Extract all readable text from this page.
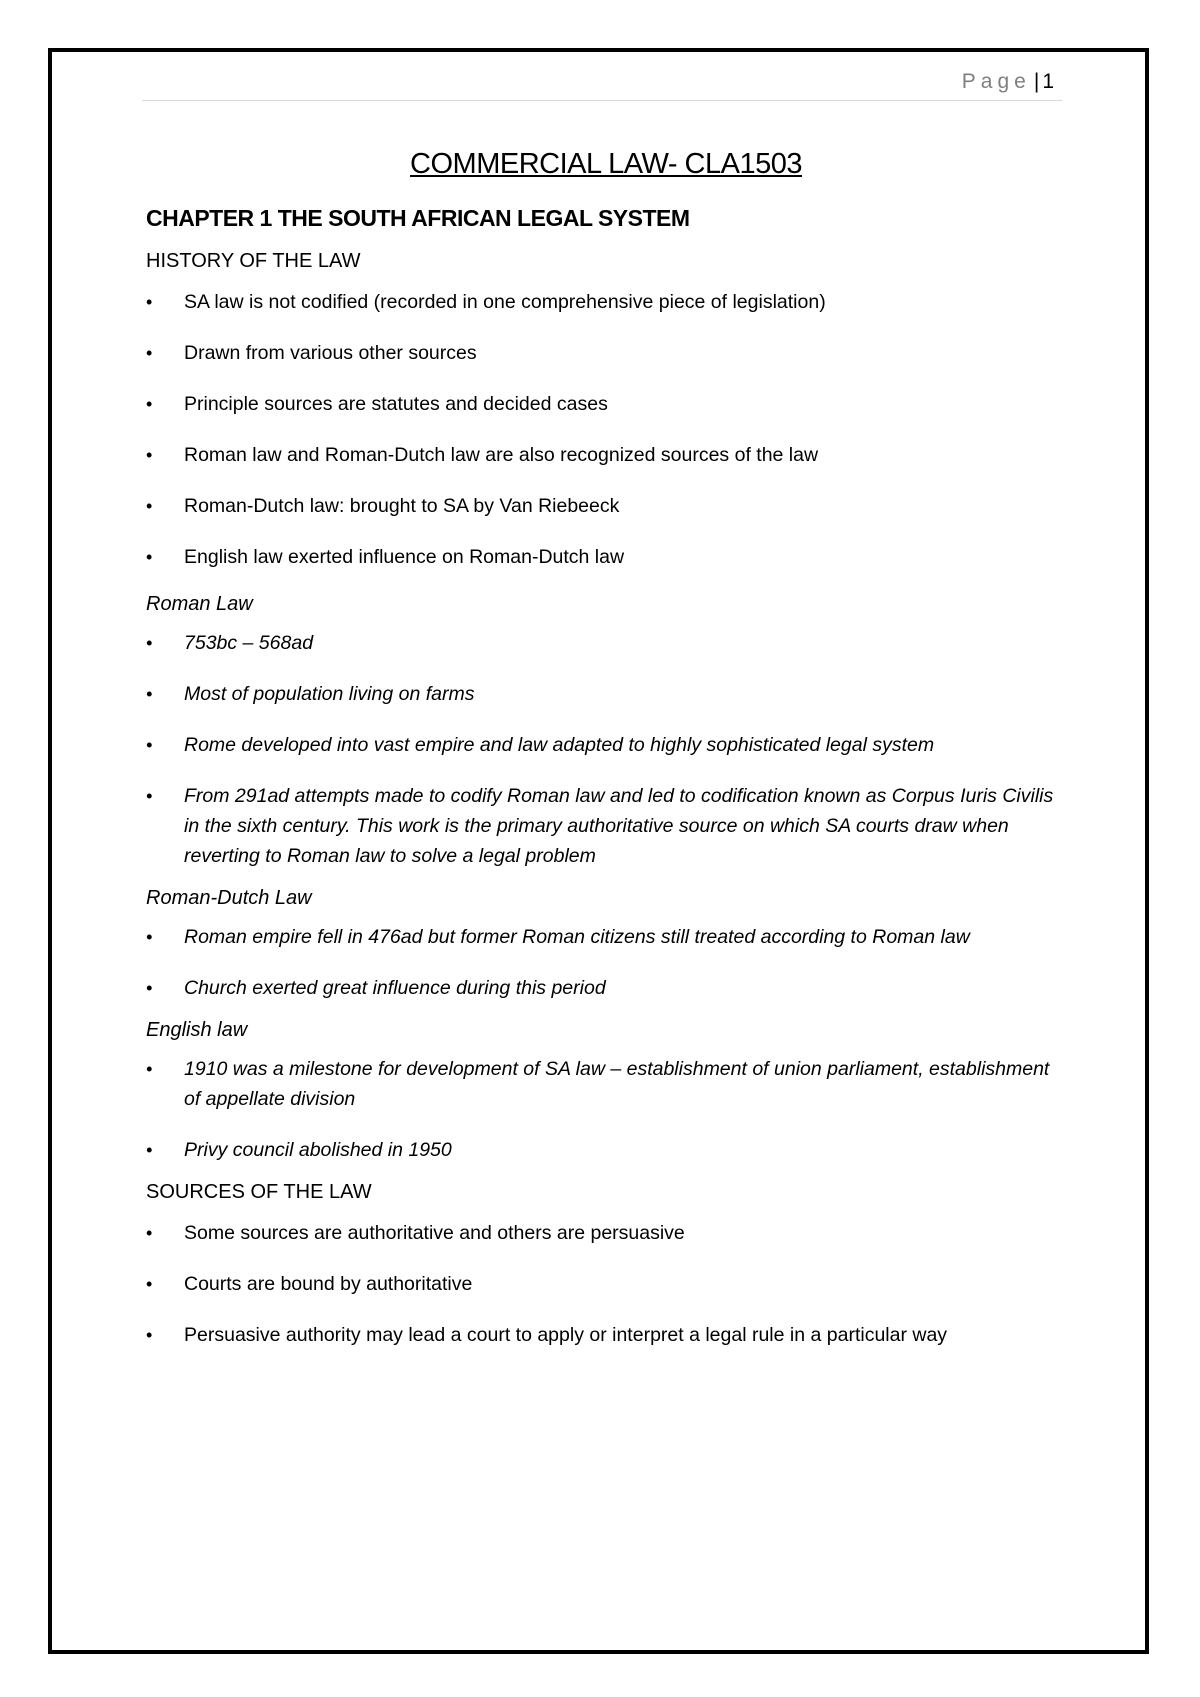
Page | 1
COMMERCIAL LAW- CLA1503
CHAPTER 1 THE SOUTH AFRICAN LEGAL SYSTEM
HISTORY OF THE LAW
• SA law is not codified (recorded in one comprehensive piece of legislation)
• Drawn from various other sources
• Principle sources are statutes and decided cases
• Roman law and Roman-Dutch law are also recognized sources of the law
• Roman-Dutch law: brought to SA by Van Riebeeck
• English law exerted influence on Roman-Dutch law
Roman Law
• 753bc – 568ad
• Most of population living on farms
• Rome developed into vast empire and law adapted to highly sophisticated legal system
• From 291ad attempts made to codify Roman law and led to codification known as Corpus Iuris Civilis in the sixth century. This work is the primary authoritative source on which SA courts draw when reverting to Roman law to solve a legal problem
Roman-Dutch Law
• Roman empire fell in 476ad but former Roman citizens still treated according to Roman law
• Church exerted great influence during this period
English law
• 1910 was a milestone for development of SA law – establishment of union parliament, establishment of appellate division
• Privy council abolished in 1950
SOURCES OF THE LAW
• Some sources are authoritative and others are persuasive
• Courts are bound by authoritative
• Persuasive authority may lead a court to apply or interpret a legal rule in a particular way
